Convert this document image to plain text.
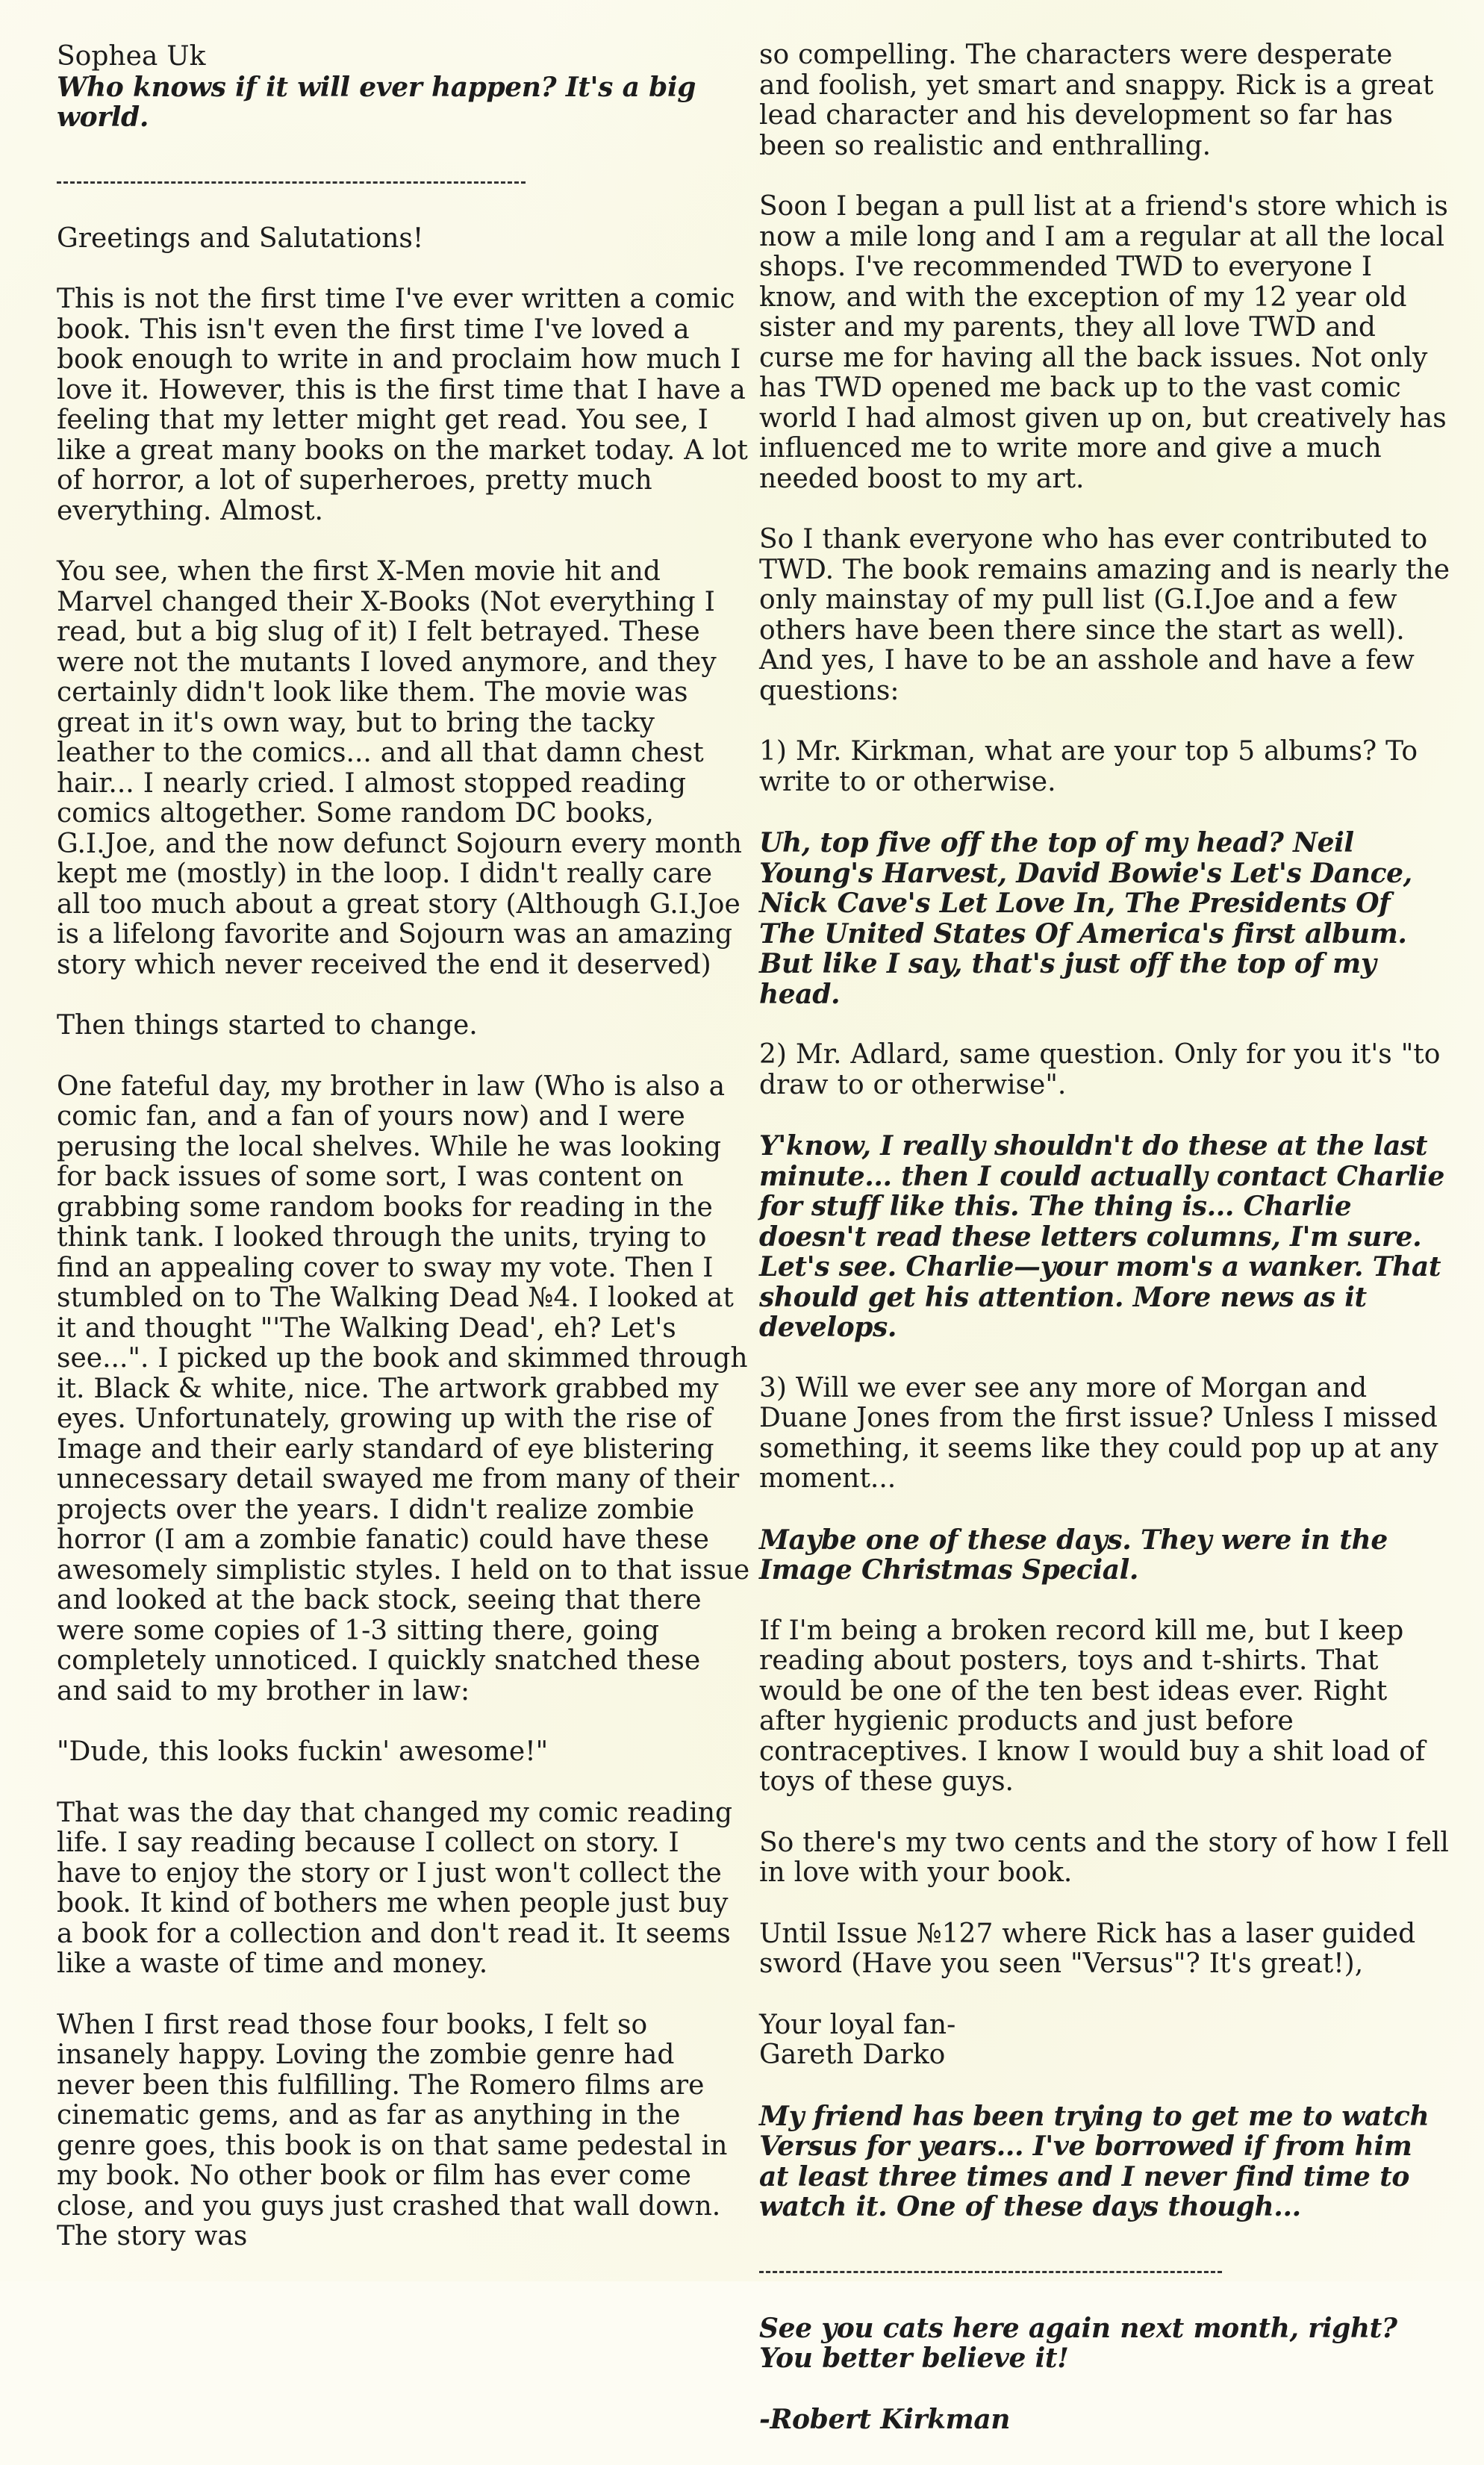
Sophea Uk

Who knows if it will ever happen? It's a big world.

Greetings and Salutations!

This is not the first time I've ever written a comic book. This isn't even the first time I've loved a book enough to write in and proclaim how much I love it. However, this is the first time that I have a feeling that my letter might get read. You see, I like a great many books on the market today. A lot of horror, a lot of superheroes, pretty much everything. Almost.

You see, when the first X-Men movie hit and Marvel changed their X-Books (Not everything I read, but a big slug of it) I felt betrayed. These were not the mutants I loved anymore, and they certainly didn't look like them. The movie was great in it's own way, but to bring the tacky leather to the comics... and all that damn chest hair... I nearly cried. I almost stopped reading comics altogether. Some random DC books, G.I.Joe, and the now defunct Sojourn every month kept me (mostly) in the loop. I didn't really care all too much about a great story (Although G.I.Joe is a lifelong favorite and Sojourn was an amazing story which never received the end it deserved)

Then things started to change.

One fateful day, my brother in law (Who is also a comic fan, and a fan of yours now) and I were perusing the local shelves. While he was looking for back issues of some sort, I was content on grabbing some random books for reading in the think tank. I looked through the units, trying to find an appealing cover to sway my vote. Then I stumbled on to The Walking Dead №4. I looked at it and thought "'The Walking Dead', eh? Let's see...". I picked up the book and skimmed through it. Black & white, nice. The artwork grabbed my eyes. Unfortunately, growing up with the rise of Image and their early standard of eye blistering unnecessary detail swayed me from many of their projects over the years. I didn't realize zombie horror (I am a zombie fanatic) could have these awesomely simplistic styles. I held on to that issue and looked at the back stock, seeing that there were some copies of 1-3 sitting there, going completely unnoticed. I quickly snatched these and said to my brother in law:

"Dude, this looks fuckin' awesome!"

That was the day that changed my comic reading life. I say reading because I collect on story. I have to enjoy the story or I just won't collect the book. It kind of bothers me when people just buy a book for a collection and don't read it. It seems like a waste of time and money.

When I first read those four books, I felt so insanely happy. Loving the zombie genre had never been this fulfilling. The Romero films are cinematic gems, and as far as anything in the genre goes, this book is on that same pedestal in my book. No other book or film has ever come close, and you guys just crashed that wall down. The story was

so compelling. The characters were desperate and foolish, yet smart and snappy. Rick is a great lead character and his development so far has been so realistic and enthralling.

Soon I began a pull list at a friend's store which is now a mile long and I am a regular at all the local shops. I've recommended TWD to everyone I know, and with the exception of my 12 year old sister and my parents, they all love TWD and curse me for having all the back issues. Not only has TWD opened me back up to the vast comic world I had almost given up on, but creatively has influenced me to write more and give a much needed boost to my art.

So I thank everyone who has ever contributed to TWD. The book remains amazing and is nearly the only mainstay of my pull list (G.I.Joe and a few others have been there since the start as well). And yes, I have to be an asshole and have a few questions:

1) Mr. Kirkman, what are your top 5 albums? To write to or otherwise.

Uh, top five off the top of my head? Neil Young's Harvest, David Bowie's Let's Dance, Nick Cave's Let Love In, The Presidents Of The United States Of America's first album. But like I say, that's just off the top of my head.

2) Mr. Adlard, same question. Only for you it's "to draw to or otherwise".

Y'know, I really shouldn't do these at the last minute... then I could actually contact Charlie for stuff like this. The thing is... Charlie doesn't read these letters columns, I'm sure. Let's see. Charlie—your mom's a wanker. That should get his attention. More news as it develops.

3) Will we ever see any more of Morgan and Duane Jones from the first issue? Unless I missed something, it seems like they could pop up at any moment...

Maybe one of these days. They were in the Image Christmas Special.

If I'm being a broken record kill me, but I keep reading about posters, toys and t-shirts. That would be one of the ten best ideas ever. Right after hygienic products and just before contraceptives. I know I would buy a shit load of toys of these guys.

So there's my two cents and the story of how I fell in love with your book.

Until Issue №127 where Rick has a laser guided sword (Have you seen "Versus"? It's great!),

Your loyal fan-

Gareth Darko

My friend has been trying to get me to watch Versus for years... I've borrowed if from him at least three times and I never find time to watch it. One of these days though...

See you cats here again next month, right? You better believe it!

-Robert Kirkman
